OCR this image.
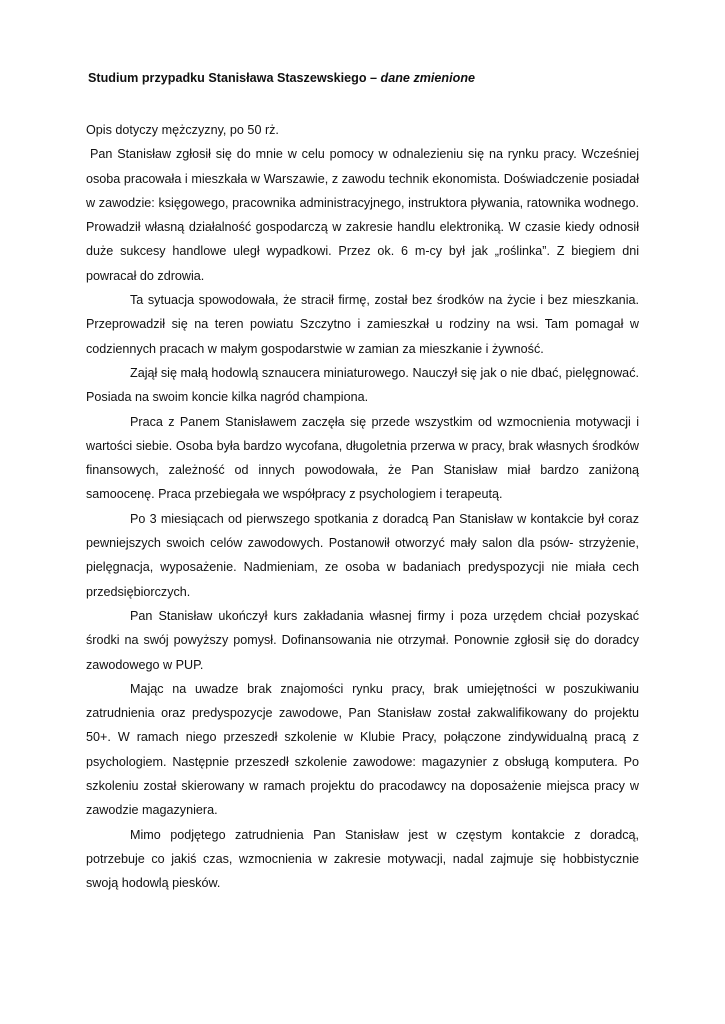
Studium przypadku Stanisława Staszewskiego – dane zmienione

Opis dotyczy mężczyzny, po 50 rż.

Pan Stanisław zgłosił się do mnie w celu pomocy w odnalezieniu się na rynku pracy. Wcześniej osoba pracowała i mieszkała w Warszawie, z zawodu technik ekonomista. Doświadczenie posiadał w zawodzie: księgowego, pracownika administracyjnego, instruktora pływania, ratownika wodnego. Prowadził własną działalność gospodarczą w zakresie handlu elektroniką. W czasie kiedy odnosił duże sukcesy handlowe uległ wypadkowi. Przez ok. 6 m-cy był jak „roślinka”. Z biegiem dni powracał do zdrowia.

Ta sytuacja spowodowała, że stracił firmę, został bez środków na życie i bez mieszkania. Przeprowadził się na teren powiatu Szczytno i zamieszkał u rodziny na wsi. Tam pomagał w codziennych pracach w małym gospodarstwie w zamian za mieszkanie i żywność.

Zajął się małą hodowlą sznaucera miniaturowego. Nauczył się jak o nie dbać, pielęgnować. Posiada na swoim koncie kilka nagród championa.

Praca z Panem Stanisławem zaczęła się przede wszystkim od wzmocnienia motywacji i wartości siebie. Osoba była bardzo wycofana, długoletnia przerwa w pracy, brak własnych środków finansowych, zależność od innych powodowała, że Pan Stanisław miał bardzo zaniżoną samoocenę. Praca przebiegała we współpracy z psychologiem i terapeutą.

Po 3 miesiącach od pierwszego spotkania z doradcą Pan Stanisław w kontakcie był coraz pewniejszych swoich celów zawodowych. Postanowił otworzyć mały salon dla psów- strzyżenie, pielęgnacja, wyposażenie. Nadmieniam, ze osoba w badaniach predyspozycji nie miała cech przedsiębiorczych.

Pan Stanisław ukończył kurs zakładania własnej firmy i poza urzędem chciał pozyskać środki na swój powyższy pomysł. Dofinansowania nie otrzymał. Ponownie zgłosił się do doradcy zawodowego w PUP.

Mając na uwadze brak znajomości rynku pracy, brak umiejętności w poszukiwaniu zatrudnienia oraz predyspozycje zawodowe, Pan Stanisław został zakwalifikowany do projektu 50+. W ramach niego przeszedł szkolenie w Klubie Pracy, połączone zindywidualną pracą z psychologiem. Następnie przeszedł szkolenie zawodowe: magazynier z obsługą komputera. Po szkoleniu został skierowany w ramach projektu do pracodawcy na doposażenie miejsca pracy w zawodzie magazyniera.

Mimo podjętego zatrudnienia Pan Stanisław jest w częstym kontakcie z doradcą, potrzebuje co jakiś czas, wzmocnienia w zakresie motywacji, nadal zajmuje się hobbistycznie swoją hodowlą piesków.
